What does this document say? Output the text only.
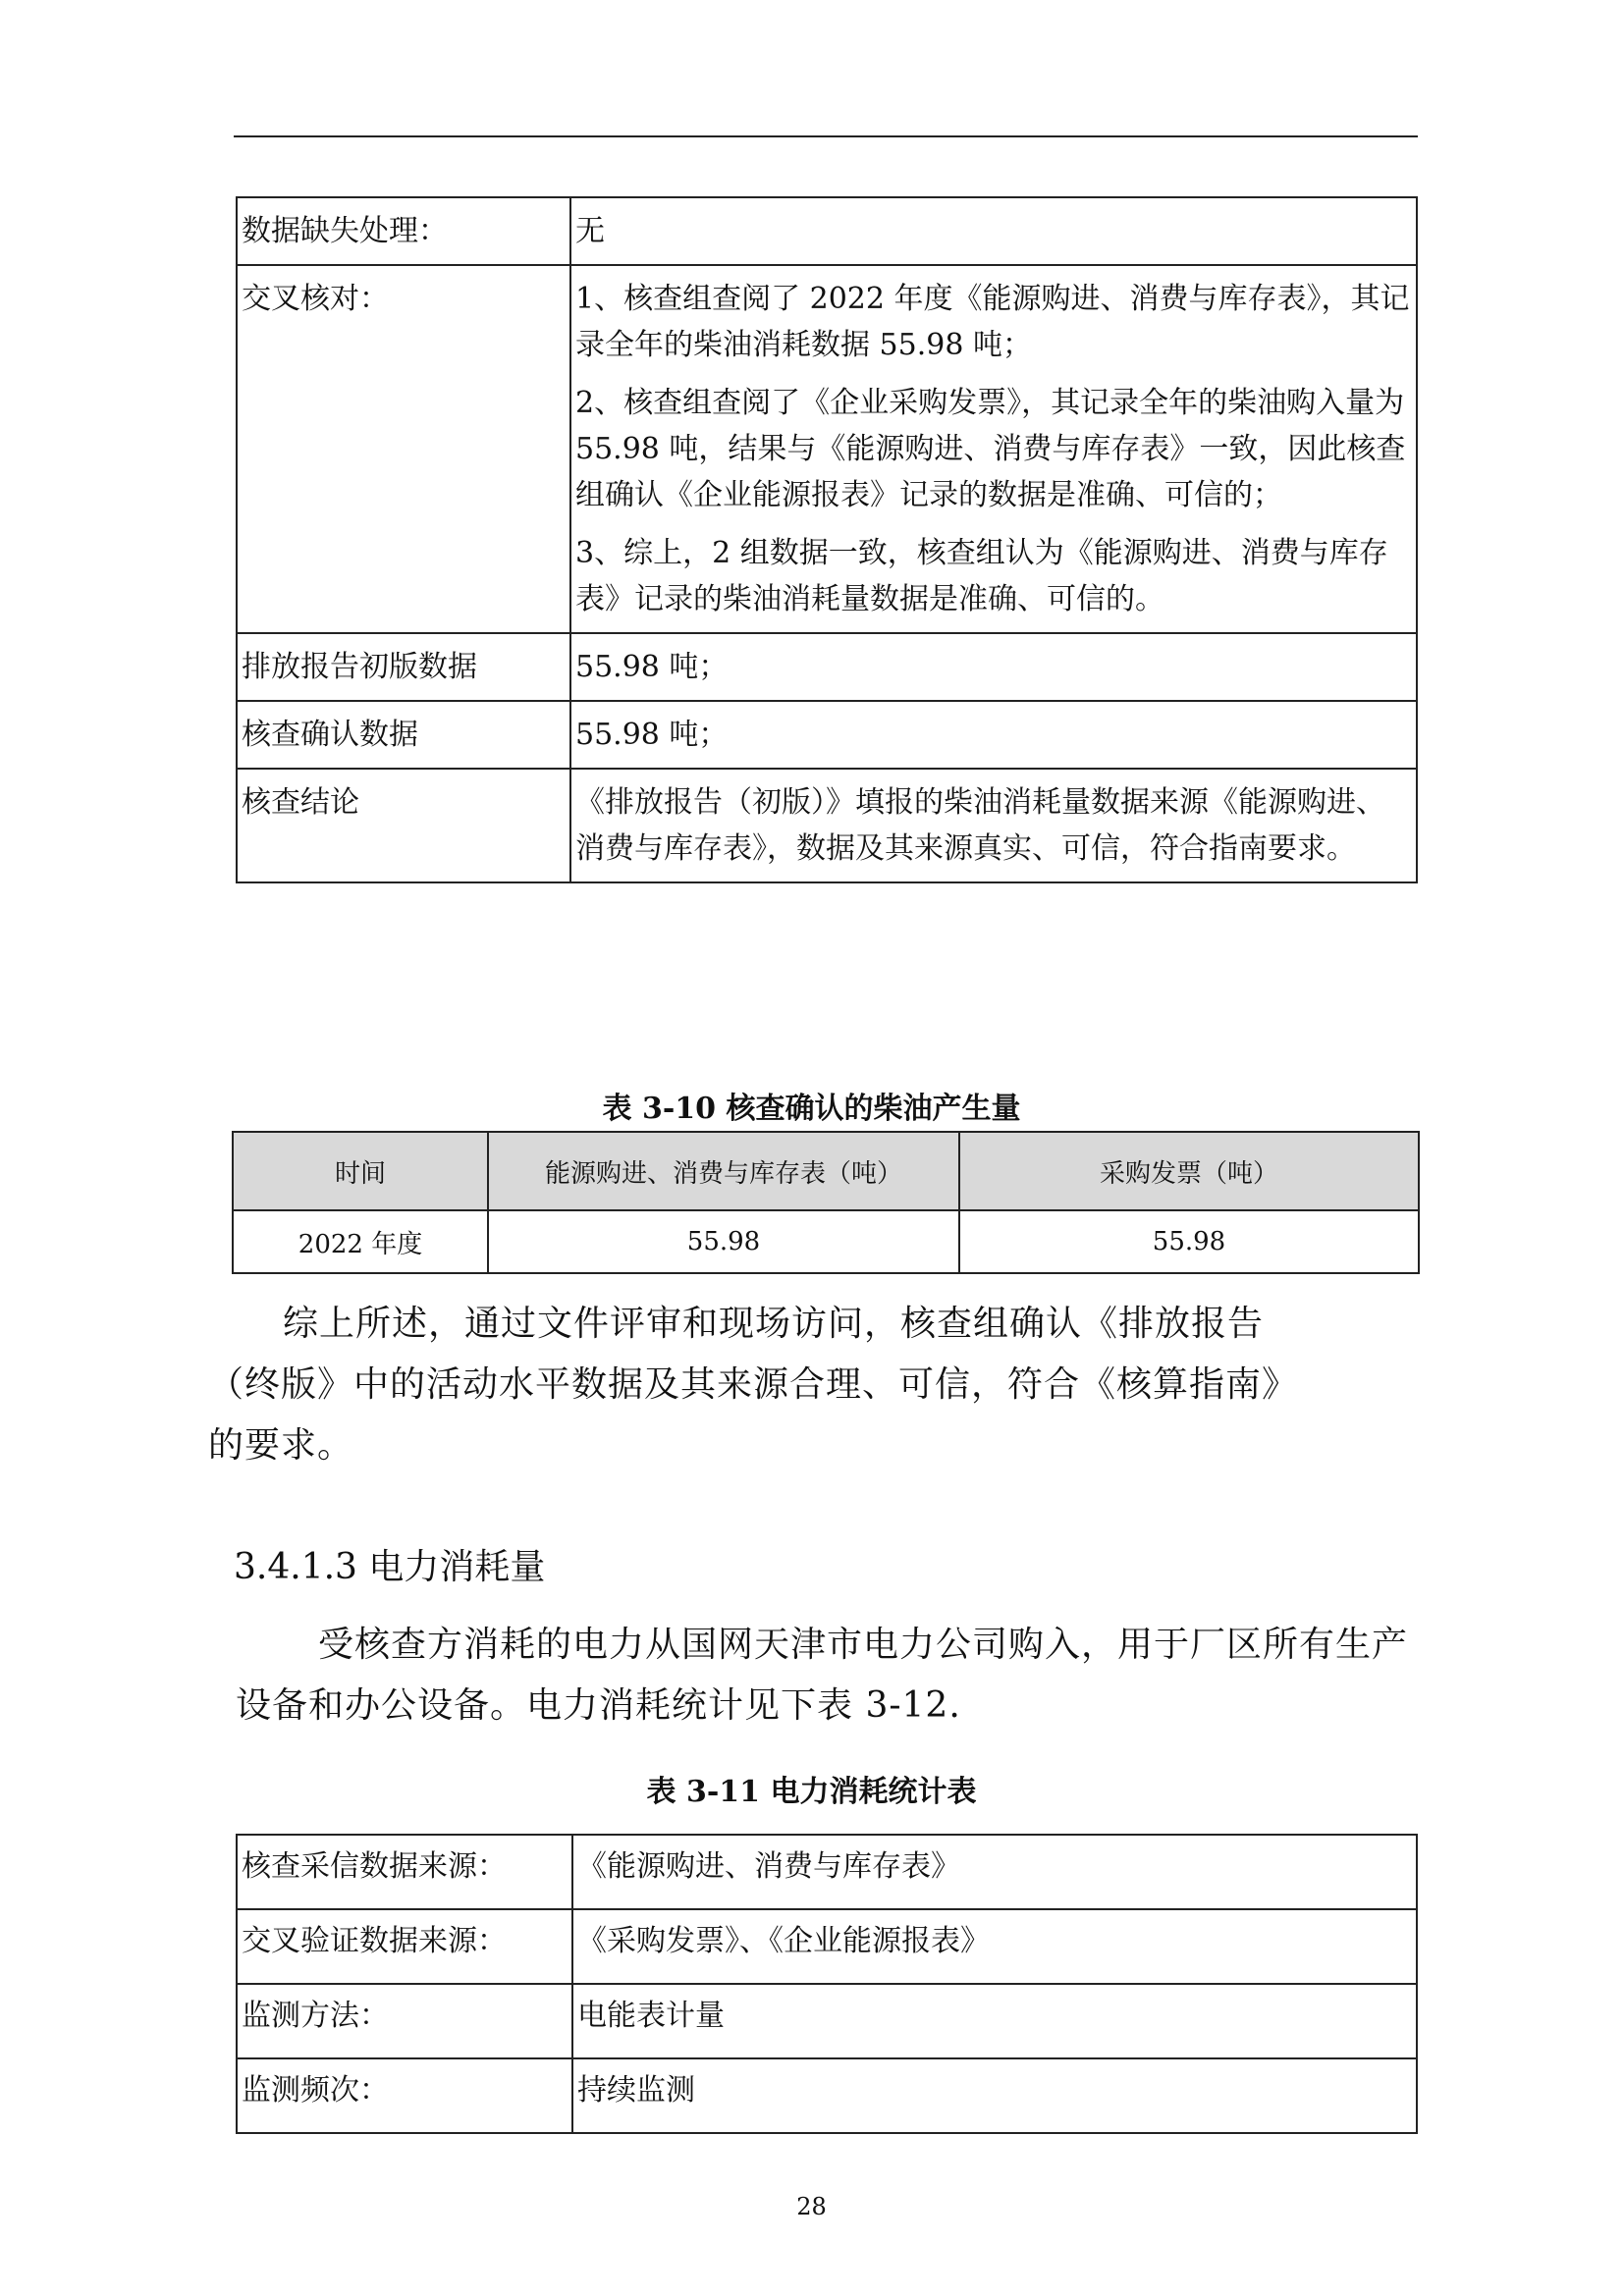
数据缺失处理：	无

交叉核对：	1、核查组查阅了 2022 年度《能源购进、消费与库存表》，其记录全年的柴油消耗数据 55.98 吨；

2、核查组查阅了《企业采购发票》，其记录全年的柴油购入量为 55.98 吨，结果与《能源购进、消费与库存表》一致，因此核查组确认《企业能源报表》记录的数据是准确、可信的；

3、综上，2 组数据一致，核查组认为《能源购进、消费与库存表》记录的柴油消耗量数据是准确、可信的。

排放报告初版数据	55.98 吨；

核查确认数据	55.98 吨；

核查结论	《排放报告（初版）》填报的柴油消耗量数据来源《能源购进、消费与库存表》，数据及其来源真实、可信，符合指南要求。

表 3-10 核查确认的柴油产生量
时间	能源购进、消费与库存表（吨）	采购发票（吨）
2022 年度	55.98	55.98
综上所述，通过文件评审和现场访问，核查组确认《排放报告（终版》中的活动水平数据及其来源合理、可信，符合《核算指南》的要求。
3.4.1.3 电力消耗量
受核查方消耗的电力从国网天津市电力公司购入，用于厂区所有生产设备和办公设备。电力消耗统计见下表 3-12.
表 3-11 电力消耗统计表
核查采信数据来源：	《能源购进、消费与库存表》
交叉验证数据来源：	《采购发票》、《企业能源报表》
监测方法：	电能表计量
监测频次：	持续监测
28
